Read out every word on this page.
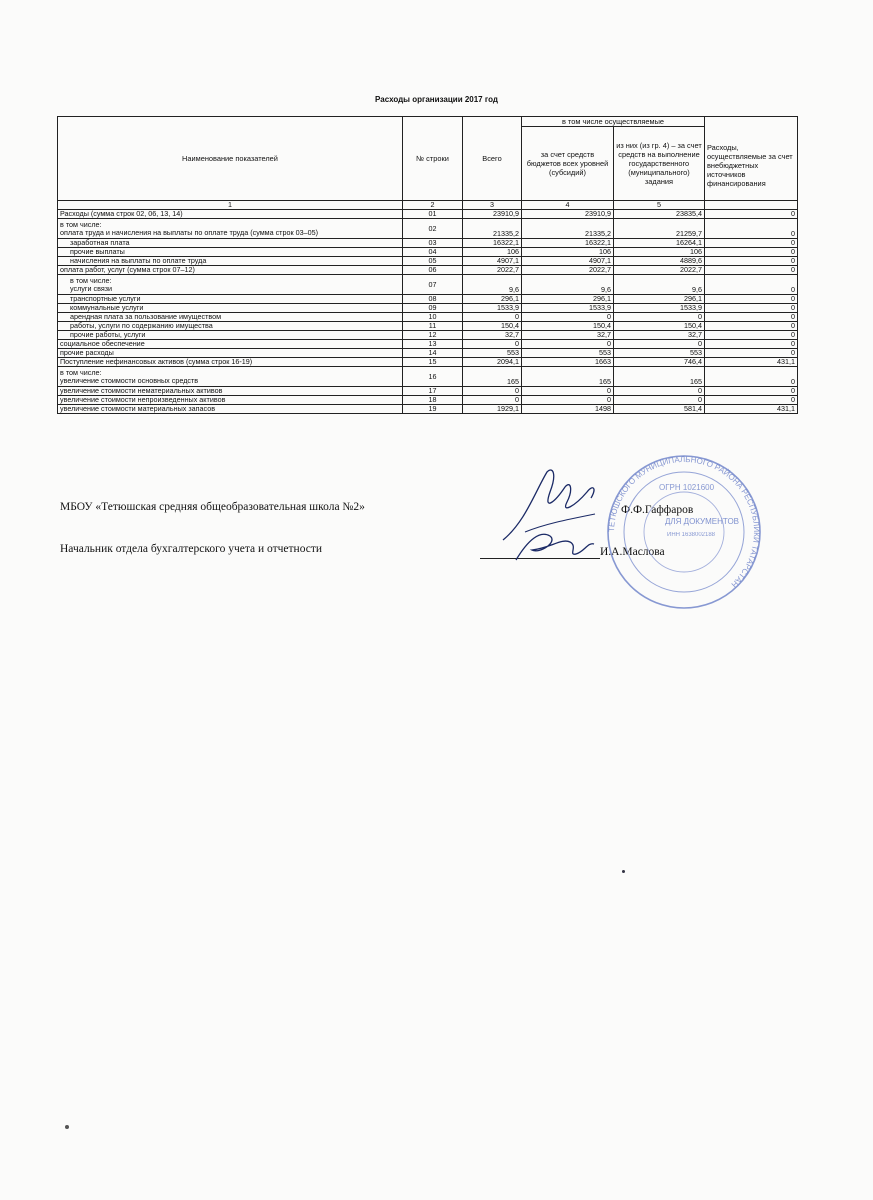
Расходы организации 2017 год
Наименование показателей	№ строки	Всего	в том числе осуществляемые		Расходы, осуществляемые за счет внебюджетных источников финансирования
			за счет средств бюджетов всех уровней (субсидий)	из них (из гр. 4) – за счет средств на выполнение государственного (муниципального) задания	
1	2	3	4	5	
Расходы (сумма строк 02, 06, 13, 14)	01	23910,9	23910,9	23835,4	0

в том числе:
оплата труда и начисления на выплаты по оплате труда (сумма строк 03–05)	02	21335,2	21335,2	21259,7	0
заработная плата	03	16322,1	16322,1	16264,1	0
прочие выплаты	04	106	106	106	0
начисления на выплаты по оплате труда	05	4907,1	4907,1	4889,6	0
оплата работ, услуг (сумма строк 07–12)	06	2022,7	2022,7	2022,7	0

в том числе:
услуги связи	07	9,6	9,6	9,6	0
транспортные услуги	08	296,1	296,1	296,1	0
коммунальные услуги	09	1533,9	1533,9	1533,9	0
арендная плата за пользование имуществом	10	0	0	0	0
работы, услуги по содержанию имущества	11	150,4	150,4	150,4	0
прочие работы, услуги	12	32,7	32,7	32,7	0
социальное обеспечение	13	0	0	0	0
прочие расходы	14	553	553	553	0
Поступление нефинансовых активов (сумма строк 16-19)	15	2094,1	1663	746,4	431,1

в том числе:
увеличение стоимости основных средств	16	165	165	165	0
увеличение стоимости нематериальных активов	17	0	0	0	0
увеличение стоимости непроизведенных активов	18	0	0	0	0
увеличение стоимости материальных запасов	19	1929,1	1498	581,4	431,1
МБОУ «Тетюшская средняя общеобразовательная школа №2»	Ф.Ф.Гаффаров
Начальник отдела бухгалтерского учета и отчетности	И.А.Маслова
ТЕТЮШСКОГО МУНИЦИПАЛЬНОГО РАЙОНА РЕСПУБЛИКИ ТАТАРСТАН
ДЛЯ ДОКУМЕНТОВ
ОГРН 1021600
ИНН 1638002188
